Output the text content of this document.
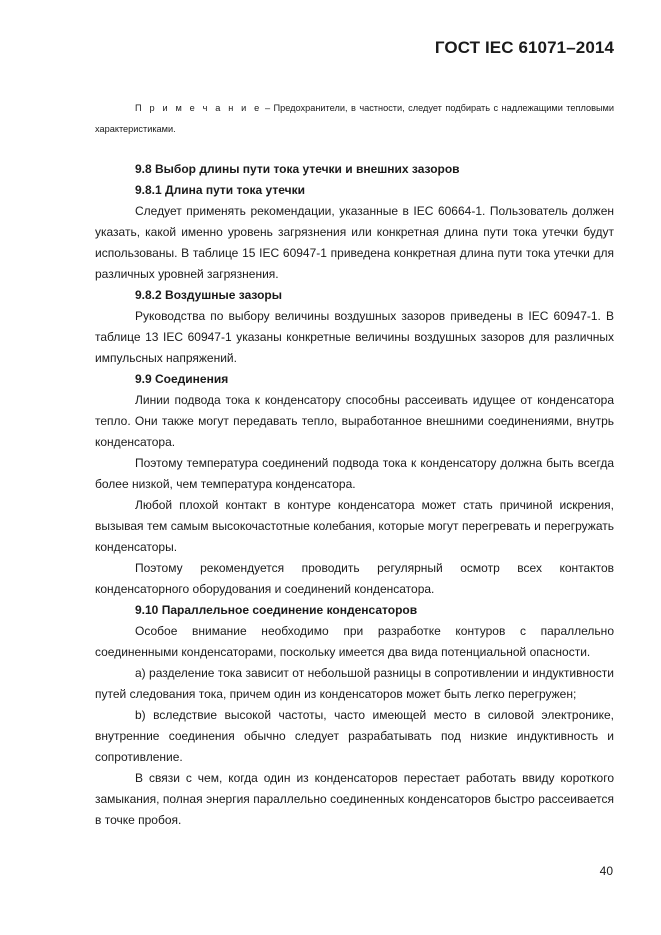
ГОСТ IEC 61071–2014

П р и м е ч а н и е – Предохранители, в частности, следует подбирать с надлежащими тепловыми характеристиками.

9.8 Выбор длины пути тока утечки и внешних зазоров

9.8.1 Длина пути тока утечки

Следует применять рекомендации, указанные в IEC 60664-1. Пользователь должен указать, какой именно уровень загрязнения или конкретная длина пути тока утечки будут использованы. В таблице 15 IEC 60947-1 приведена конкретная длина пути тока утечки для различных уровней загрязнения.

9.8.2 Воздушные зазоры

Руководства по выбору величины воздушных зазоров приведены в IEC 60947-1. В таблице 13 IEC 60947-1 указаны конкретные величины воздушных зазоров для различных импульсных напряжений.

9.9 Соединения

Линии подвода тока к конденсатору способны рассеивать идущее от конденсатора тепло. Они также могут передавать тепло, выработанное внешними соединениями, внутрь конденсатора.

Поэтому температура соединений подвода тока к конденсатору должна быть всегда более низкой, чем температура конденсатора.

Любой плохой контакт в контуре конденсатора может стать причиной искрения, вызывая тем самым высокочастотные колебания, которые могут перегревать и перегружать конденсаторы.

Поэтому рекомендуется проводить регулярный осмотр всех контактов конденсаторного оборудования и соединений конденсатора.

9.10 Параллельное соединение конденсаторов

Особое внимание необходимо при разработке контуров с параллельно соединенными конденсаторами, поскольку имеется два вида потенциальной опасности.

а) разделение тока зависит от небольшой разницы в сопротивлении и индуктивности путей следования тока, причем один из конденсаторов может быть легко перегружен;

b) вследствие высокой частоты, часто имеющей место в силовой электронике, внутренние соединения обычно следует разрабатывать под низкие индуктивность и сопротивление.

В связи с чем, когда один из конденсаторов перестает работать ввиду короткого замыкания, полная энергия параллельно соединенных конденсаторов быстро рассеивается в точке пробоя.

40
